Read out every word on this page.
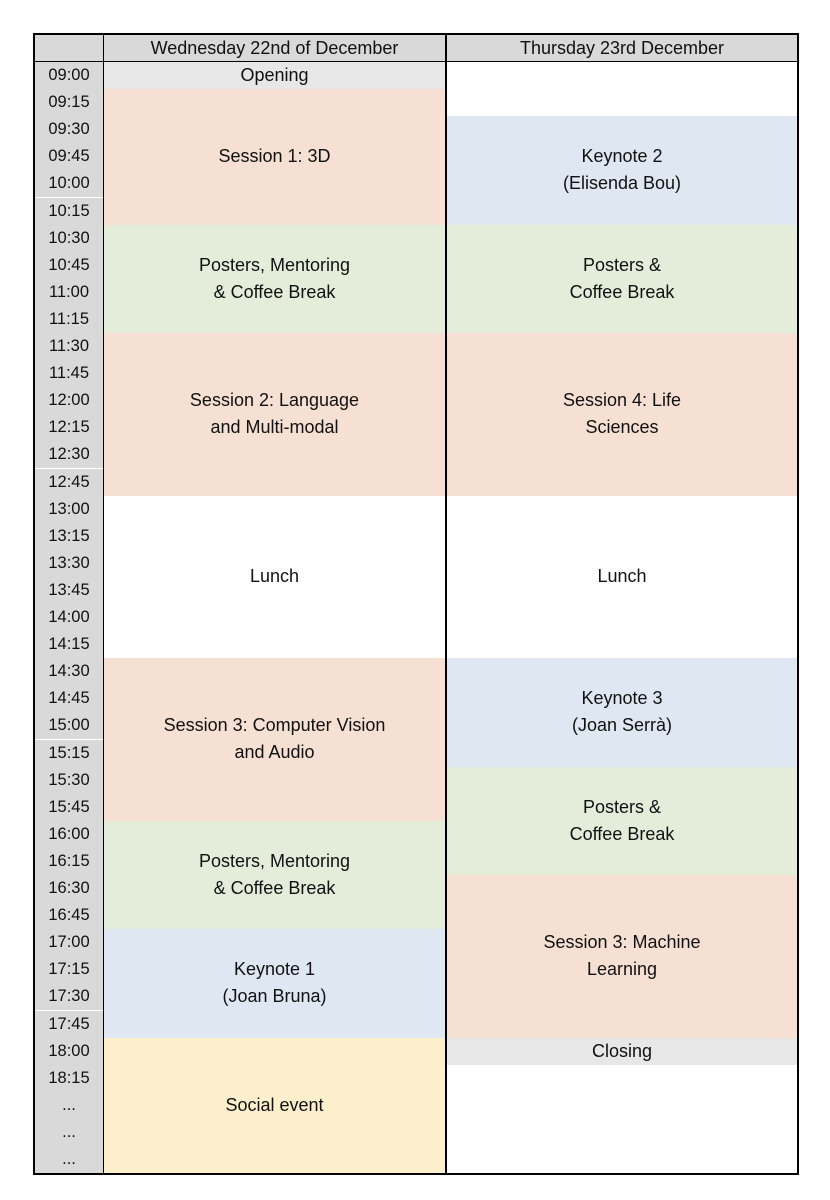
Wednesday 22nd of December	Thursday 23rd December
09:00
09:15
09:30
09:45
10:00
10:15
10:30
10:45
11:00
11:15
11:30
11:45
12:00
12:15
12:30
12:45
13:00
13:15
13:30
13:45
14:00
14:15
14:30
14:45
15:00
15:15
15:30
15:45
16:00
16:15
16:30
16:45
17:00
17:15
17:30
17:45
18:00
18:15
...
...
...
Opening
Session 1: 3D
Posters, Mentoring
& Coffee Break
Session 2: Language
and Multi-modal
Lunch
Session 3: Computer Vision
and Audio
Posters, Mentoring
& Coffee Break
Keynote 1
(Joan Bruna)
Social event
Keynote 2
(Elisenda Bou)
Posters &
Coffee Break
Session 4: Life
Sciences
Lunch
Keynote 3
(Joan Serrà)
Posters &
Coffee Break
Session 3: Machine
Learning
Closing
